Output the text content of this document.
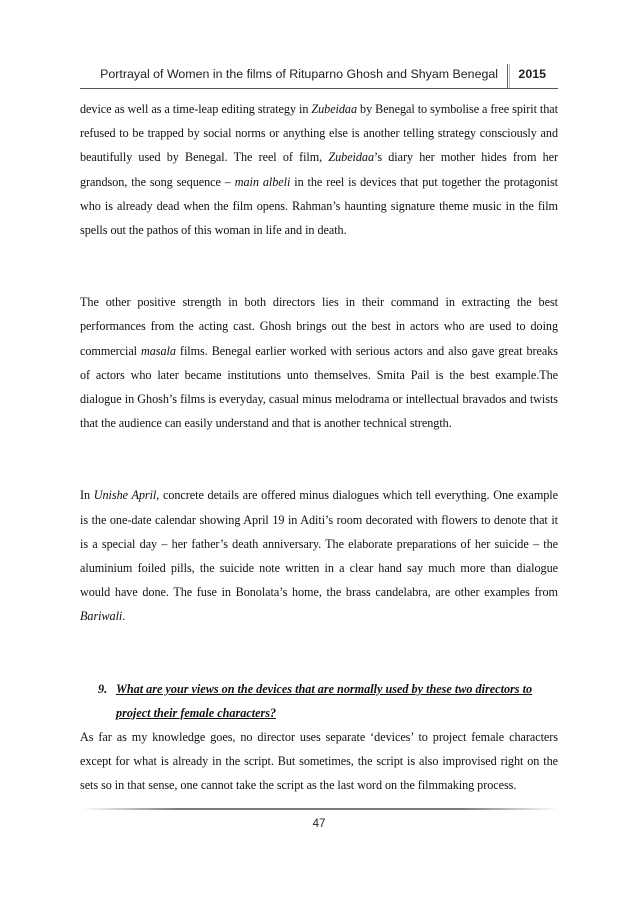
Portrayal of Women in the films of Rituparno Ghosh and Shyam Benegal 2015

device as well as a time-leap editing strategy in Zubeidaa by Benegal to symbolise a free spirit that refused to be trapped by social norms or anything else is another telling strategy consciously and beautifully used by Benegal. The reel of film, Zubeidaa’s diary her mother hides from her grandson, the song sequence – main albeli in the reel is devices that put together the protagonist who is already dead when the film opens. Rahman’s haunting signature theme music in the film spells out the pathos of this woman in life and in death.

The other positive strength in both directors lies in their command in extracting the best performances from the acting cast. Ghosh brings out the best in actors who are used to doing commercial masala films. Benegal earlier worked with serious actors and also gave great breaks of actors who later became institutions unto themselves. Smita Pail is the best example.The dialogue in Ghosh’s films is everyday, casual minus melodrama or intellectual bravados and twists that the audience can easily understand and that is another technical strength.

In Unishe April, concrete details are offered minus dialogues which tell everything. One example is the one-date calendar showing April 19 in Aditi’s room decorated with flowers to denote that it is a special day – her father’s death anniversary. The elaborate preparations of her suicide – the aluminium foiled pills, the suicide note written in a clear hand say much more than dialogue would have done. The fuse in Bonolata’s home, the brass candelabra, are other examples from Bariwali.

9. What are your views on the devices that are normally used by these two directors to
project their female characters?

As far as my knowledge goes, no director uses separate ‘devices’ to project female characters except for what is already in the script. But sometimes, the script is also improvised right on the sets so in that sense, one cannot take the script as the last word on the filmmaking process.

47
